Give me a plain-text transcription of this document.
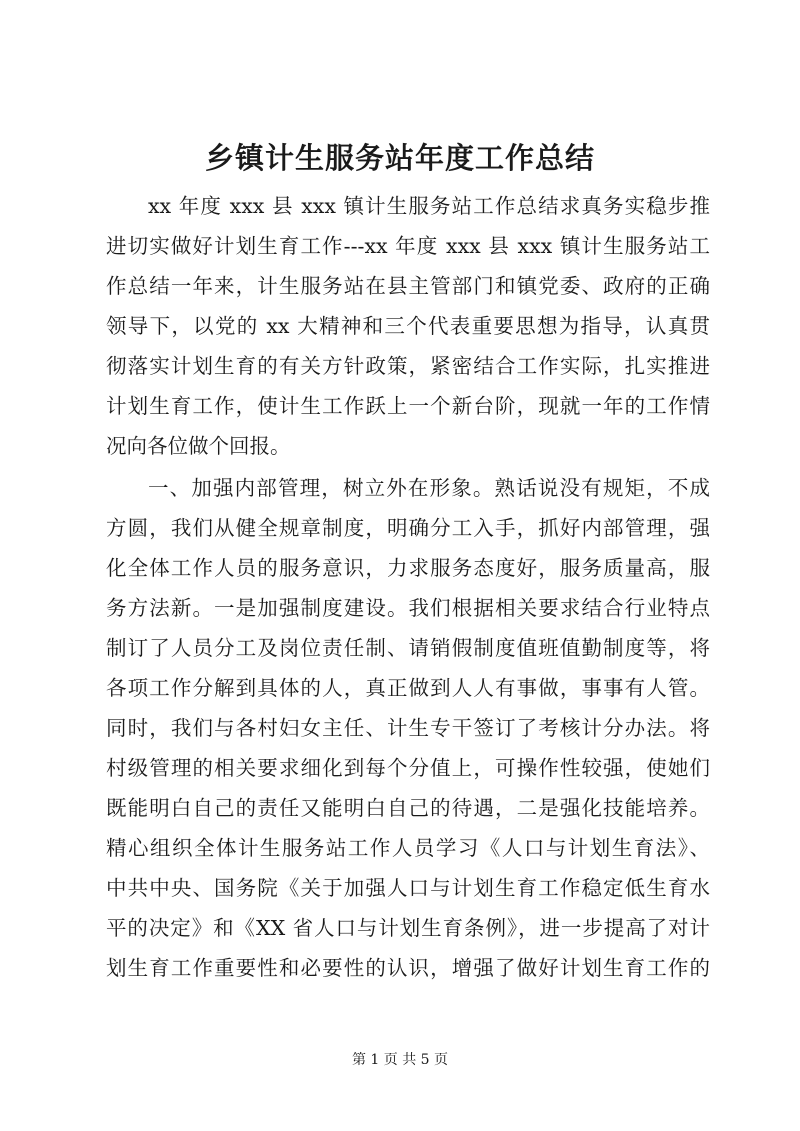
乡镇计生服务站年度工作总结
xx 年度 xxx 县 xxx 镇计生服务站工作总结求真务实稳步推
进切实做好计划生育工作---xx 年度 xxx 县 xxx 镇计生服务站工
作总结一年来，计生服务站在县主管部门和镇党委、政府的正确
领导下，以党的 xx 大精神和三个代表重要思想为指导，认真贯
彻落实计划生育的有关方针政策，紧密结合工作实际，扎实推进
计划生育工作，使计生工作跃上一个新台阶，现就一年的工作情
况向各位做个回报。
一、加强内部管理，树立外在形象。熟话说没有规矩，不成
方圆，我们从健全规章制度，明确分工入手，抓好内部管理，强
化全体工作人员的服务意识，力求服务态度好，服务质量高，服
务方法新。一是加强制度建设。我们根据相关要求结合行业特点
制订了人员分工及岗位责任制、请销假制度值班值勤制度等，将
各项工作分解到具体的人，真正做到人人有事做，事事有人管。
同时，我们与各村妇女主任、计生专干签订了考核计分办法。将
村级管理的相关要求细化到每个分值上，可操作性较强，使她们
既能明白自己的责任又能明白自己的待遇，二是强化技能培养。
精心组织全体计生服务站工作人员学习《人口与计划生育法》、
中共中央、国务院《关于加强人口与计划生育工作稳定低生育水
平的决定》和《XX 省人口与计划生育条例》，进一步提高了对计
划生育工作重要性和必要性的认识，增强了做好计划生育工作的
第 1 页 共 5 页
